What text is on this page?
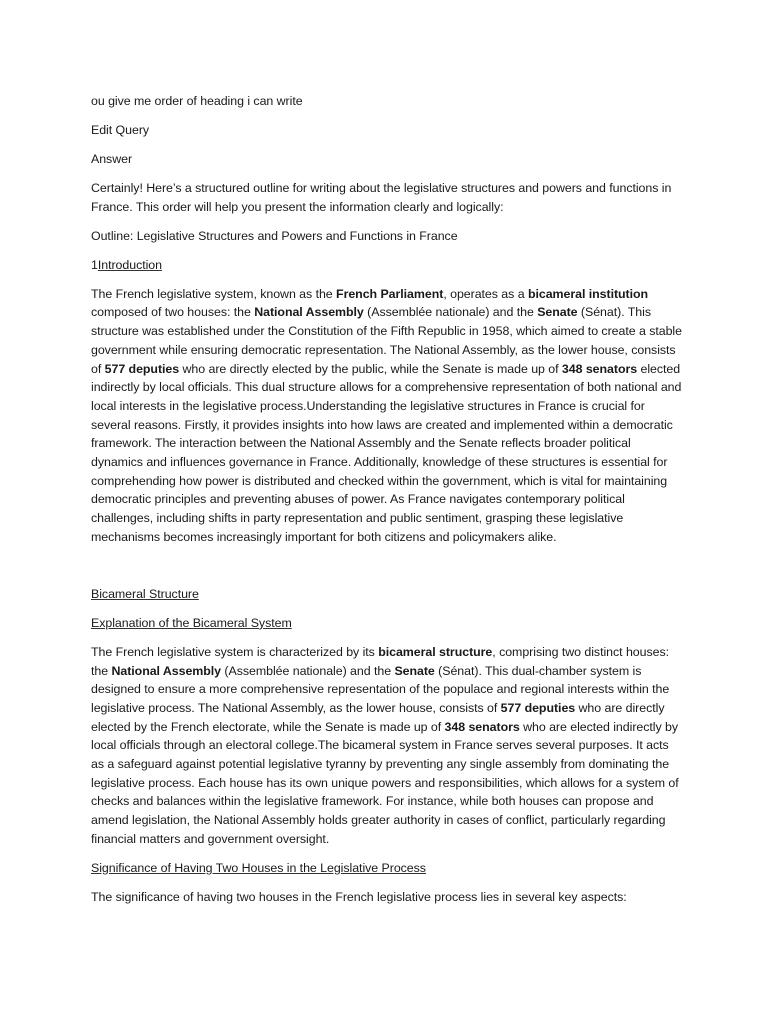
ou give me order of heading i can write

Edit Query

Answer

Certainly! Here’s a structured outline for writing about the legislative structures and powers and functions in France. This order will help you present the information clearly and logically:

Outline: Legislative Structures and Powers and Functions in France

1Introduction

The French legislative system, known as the French Parliament, operates as a bicameral institution composed of two houses: the National Assembly (Assemblée nationale) and the Senate (Sénat). This structure was established under the Constitution of the Fifth Republic in 1958, which aimed to create a stable government while ensuring democratic representation. The National Assembly, as the lower house, consists of 577 deputies who are directly elected by the public, while the Senate is made up of 348 senators elected indirectly by local officials. This dual structure allows for a comprehensive representation of both national and local interests in the legislative process.Understanding the legislative structures in France is crucial for several reasons. Firstly, it provides insights into how laws are created and implemented within a democratic framework. The interaction between the National Assembly and the Senate reflects broader political dynamics and influences governance in France. Additionally, knowledge of these structures is essential for comprehending how power is distributed and checked within the government, which is vital for maintaining democratic principles and preventing abuses of power. As France navigates contemporary political challenges, including shifts in party representation and public sentiment, grasping these legislative mechanisms becomes increasingly important for both citizens and policymakers alike.

Bicameral Structure

Explanation of the Bicameral System

The French legislative system is characterized by its bicameral structure, comprising two distinct houses: the National Assembly (Assemblée nationale) and the Senate (Sénat). This dual-chamber system is designed to ensure a more comprehensive representation of the populace and regional interests within the legislative process. The National Assembly, as the lower house, consists of 577 deputies who are directly elected by the French electorate, while the Senate is made up of 348 senators who are elected indirectly by local officials through an electoral college.The bicameral system in France serves several purposes. It acts as a safeguard against potential legislative tyranny by preventing any single assembly from dominating the legislative process. Each house has its own unique powers and responsibilities, which allows for a system of checks and balances within the legislative framework. For instance, while both houses can propose and amend legislation, the National Assembly holds greater authority in cases of conflict, particularly regarding financial matters and government oversight.

Significance of Having Two Houses in the Legislative Process

The significance of having two houses in the French legislative process lies in several key aspects:
